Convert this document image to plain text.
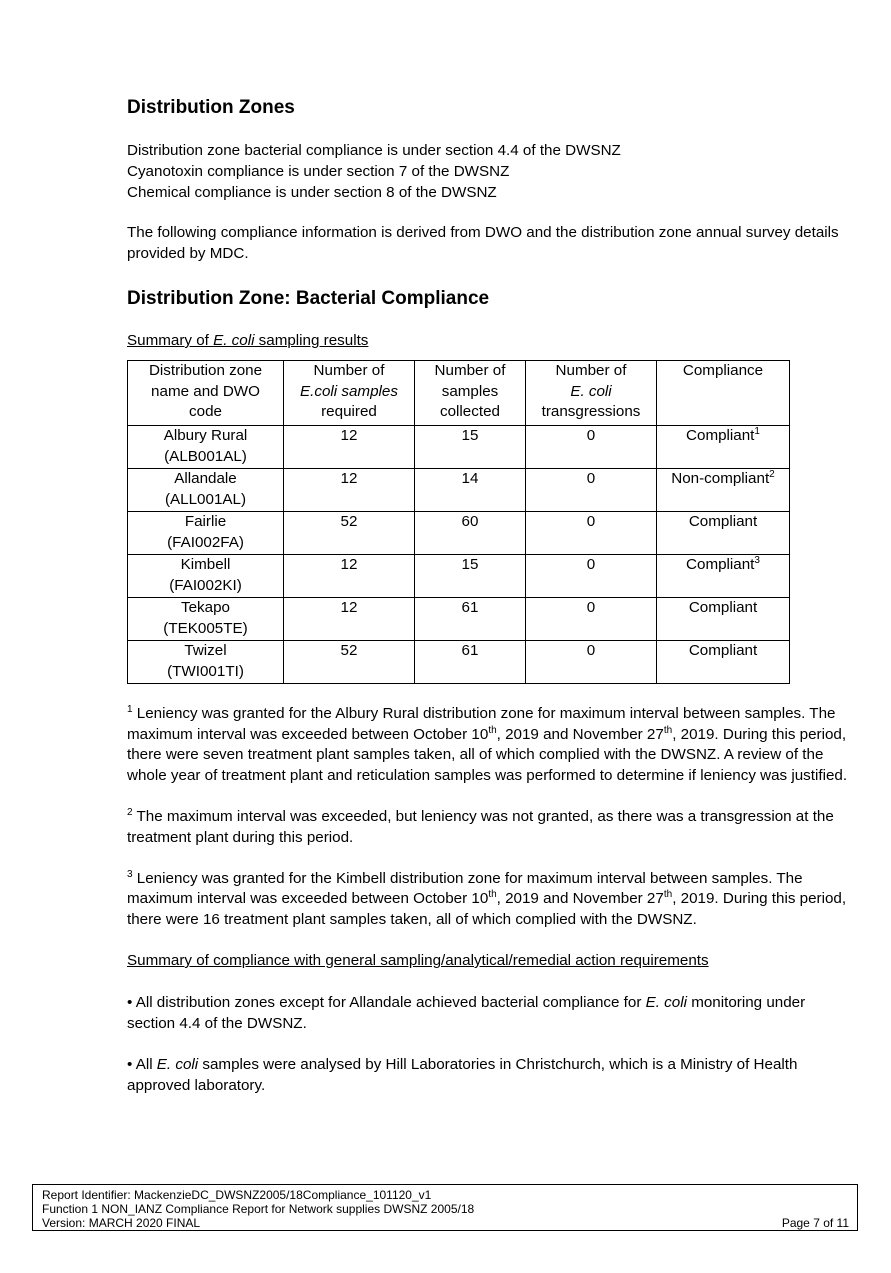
Distribution Zones

Distribution zone bacterial compliance is under section 4.4 of the DWSNZ

Cyanotoxin compliance is under section 7 of the DWSNZ

Chemical compliance is under section 8 of the DWSNZ

The following compliance information is derived from DWO and the distribution zone annual survey details provided by MDC.

Distribution Zone: Bacterial Compliance

Summary of E. coli sampling results

Distribution zone
name and DWO
code	Number of
E.coli samples
required	Number of
samples
collected	Number of
E. coli
transgressions	Compliance

Albury Rural
(ALB001AL)	12	15	0	Compliant$^1$

Allandale
(ALL001AL)	12	14	0	Non-compliant$^2$

Fairlie
(FAI002FA)	52	60	0	Compliant

Kimbell
(FAI002KI)	12	15	0	Compliant$^3$

Tekapo
(TEK005TE)	12	61	0	Compliant

Twizel
(TWI001TI)	52	61	0	Compliant

$^1$ Leniency was granted for the Albury Rural distribution zone for maximum interval between samples. The maximum interval was exceeded between October 10th, 2019 and November 27th, 2019. During this period, there were seven treatment plant samples taken, all of which complied with the DWSNZ. A review of the whole year of treatment plant and reticulation samples was performed to determine if leniency was justified.

$^2$ The maximum interval was exceeded, but leniency was not granted, as there was a transgression at the treatment plant during this period.

$^3$ Leniency was granted for the Kimbell distribution zone for maximum interval between samples. The maximum interval was exceeded between October 10th, 2019 and November 27th, 2019. During this period, there were 16 treatment plant samples taken, all of which complied with the DWSNZ.

Summary of compliance with general sampling/analytical/remedial action requirements

• All distribution zones except for Allandale achieved bacterial compliance for E. coli monitoring under section 4.4 of the DWSNZ.

• All E. coli samples were analysed by Hill Laboratories in Christchurch, which is a Ministry of Health approved laboratory.

Report Identifier: MackenzieDC_DWSNZ2005/18Compliance_101120_v1
Function 1 NON_IANZ Compliance Report for Network supplies DWSNZ 2005/18
Version: MARCH 2020 FINAL	Page 7 of 11
